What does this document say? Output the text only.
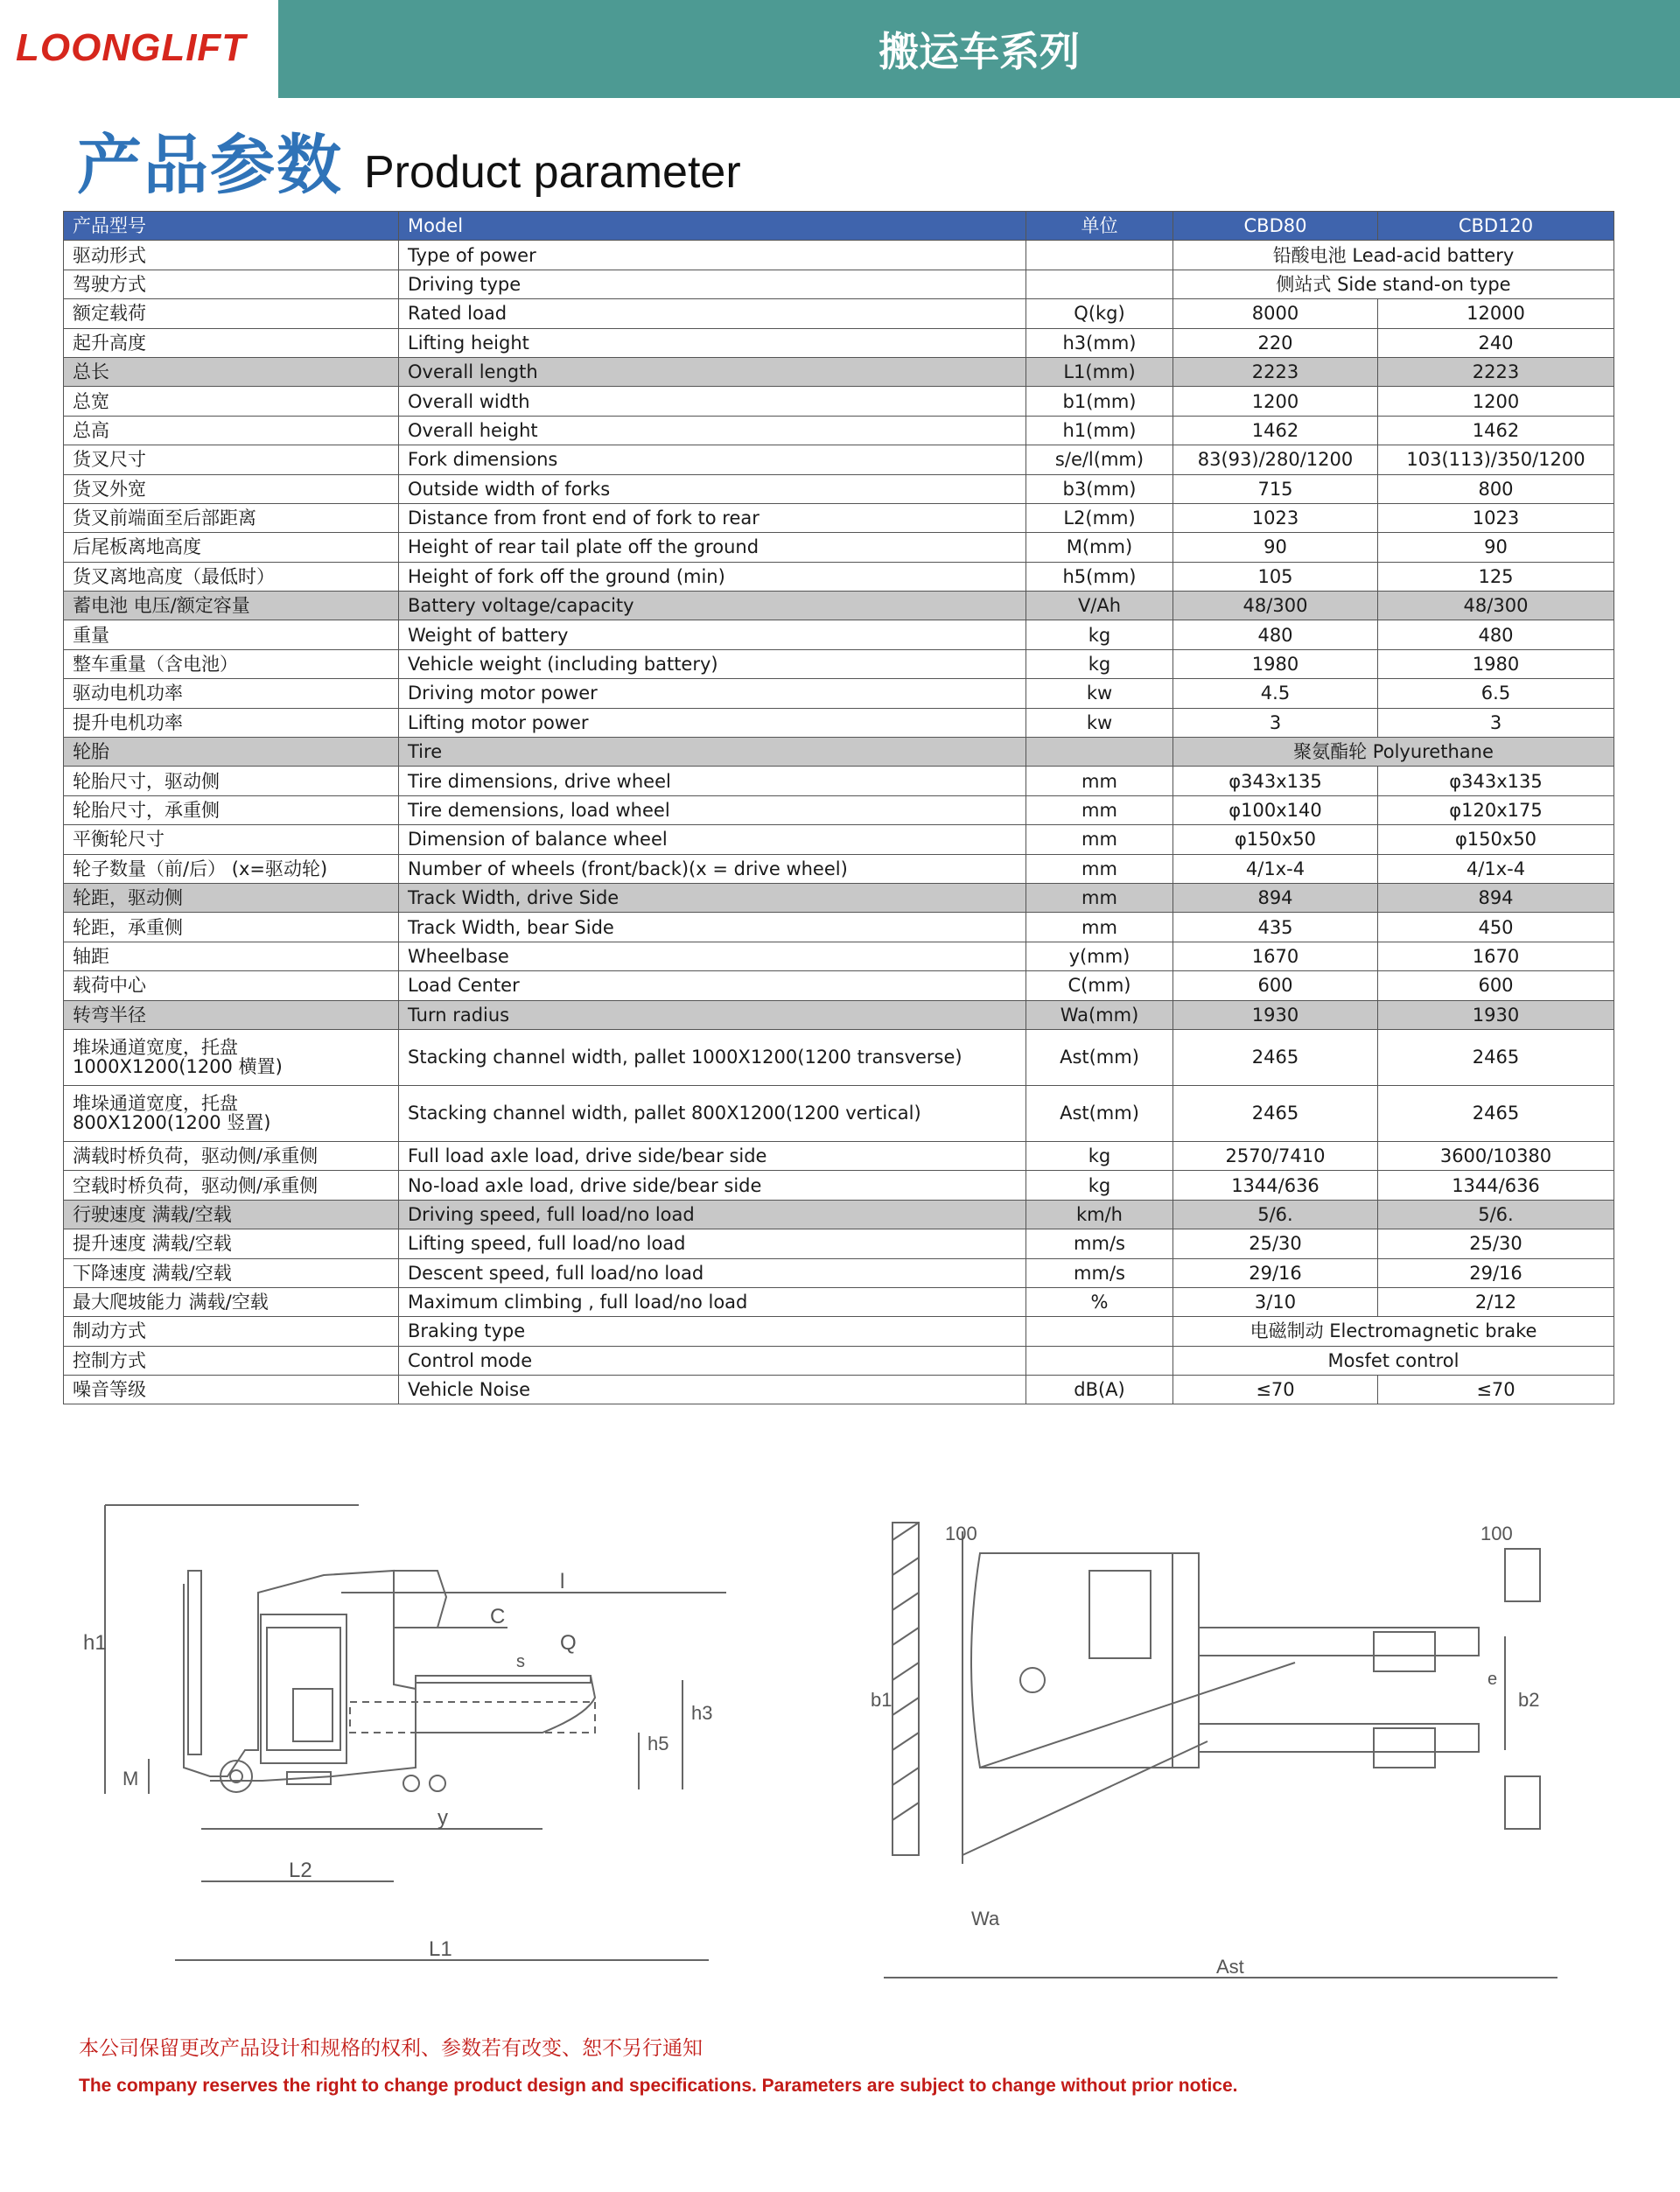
LOONGLIFT	搬运车系列
产品参数 Product parameter
产品型号	Model	单位	CBD80	CBD120
驱动形式	Type of power		铅酸电池 Lead-acid battery	
驾驶方式	Driving type		侧站式 Side stand-on type	
额定载荷	Rated load	Q(kg)	8000	12000
起升高度	Lifting height	h3(mm)	220	240
总长	Overall length	L1(mm)	2223	2223
总宽	Overall width	b1(mm)	1200	1200
总高	Overall height	h1(mm)	1462	1462
货叉尺寸	Fork dimensions	s/e/l(mm)	83(93)/280/1200	103(113)/350/1200
货叉外宽	Outside width of forks	b3(mm)	715	800
货叉前端面至后部距离	Distance from front end of fork to rear	L2(mm)	1023	1023
后尾板离地高度	Height of rear tail plate off the ground	M(mm)	90	90
货叉离地高度（最低时）	Height of fork off the ground (min)	h5(mm)	105	125
蓄电池 电压/额定容量	Battery voltage/capacity	V/Ah	48/300	48/300
重量	Weight of battery	kg	480	480
整车重量（含电池）	Vehicle weight (including battery)	kg	1980	1980
驱动电机功率	Driving motor power	kw	4.5	6.5
提升电机功率	Lifting motor power	kw	3	3
轮胎	Tire		聚氨酯轮 Polyurethane	
轮胎尺寸，驱动侧	Tire dimensions, drive wheel	mm	φ343x135	φ343x135
轮胎尺寸，承重侧	Tire demensions, load wheel	mm	φ100x140	φ120x175
平衡轮尺寸	Dimension of balance wheel	mm	φ150x50	φ150x50
轮子数量（前/后） (x=驱动轮)	Number of wheels (front/back)(x = drive wheel)	mm	4/1x-4	4/1x-4
轮距，驱动侧	Track Width, drive Side	mm	894	894
轮距，承重侧	Track Width, bear Side	mm	435	450
轴距	Wheelbase	y(mm)	1670	1670
载荷中心	Load Center	C(mm)	600	600
转弯半径	Turn radius	Wa(mm)	1930	1930
堆垛通道宽度，托盘 1000X1200(1200 横置)	Stacking channel width, pallet 1000X1200(1200 transverse)	Ast(mm)	2465	2465
堆垛通道宽度，托盘 800X1200(1200 竖置)	Stacking channel width, pallet 800X1200(1200 vertical)	Ast(mm)	2465	2465
满载时桥负荷，驱动侧/承重侧	Full load axle load, drive side/bear side	kg	2570/7410	3600/10380
空载时桥负荷，驱动侧/承重侧	No-load axle load, drive side/bear side	kg	1344/636	1344/636
行驶速度 满载/空载	Driving speed, full load/no load	km/h	5/6.	5/6.
提升速度 满载/空载	Lifting speed, full load/no load	mm/s	25/30	25/30
下降速度 满载/空载	Descent speed, full load/no load	mm/s	29/16	29/16
最大爬坡能力 满载/空载	Maximum climbing , full load/no load	%	3/10	2/12
制动方式	Braking type		电磁制动 Electromagnetic brake	
控制方式	Control mode		Mosfet control	
噪音等级	Vehicle Noise	dB(A)	≤70	≤70
h1
M
l
C
s
Q
h5
h3
y
L2
L1
100	100
b1
e
b2
Wa
Ast
本公司保留更改产品设计和规格的权利、参数若有改变、恕不另行通知
The company reserves the right to change product design and specifications. Parameters are subject to change without prior notice.
